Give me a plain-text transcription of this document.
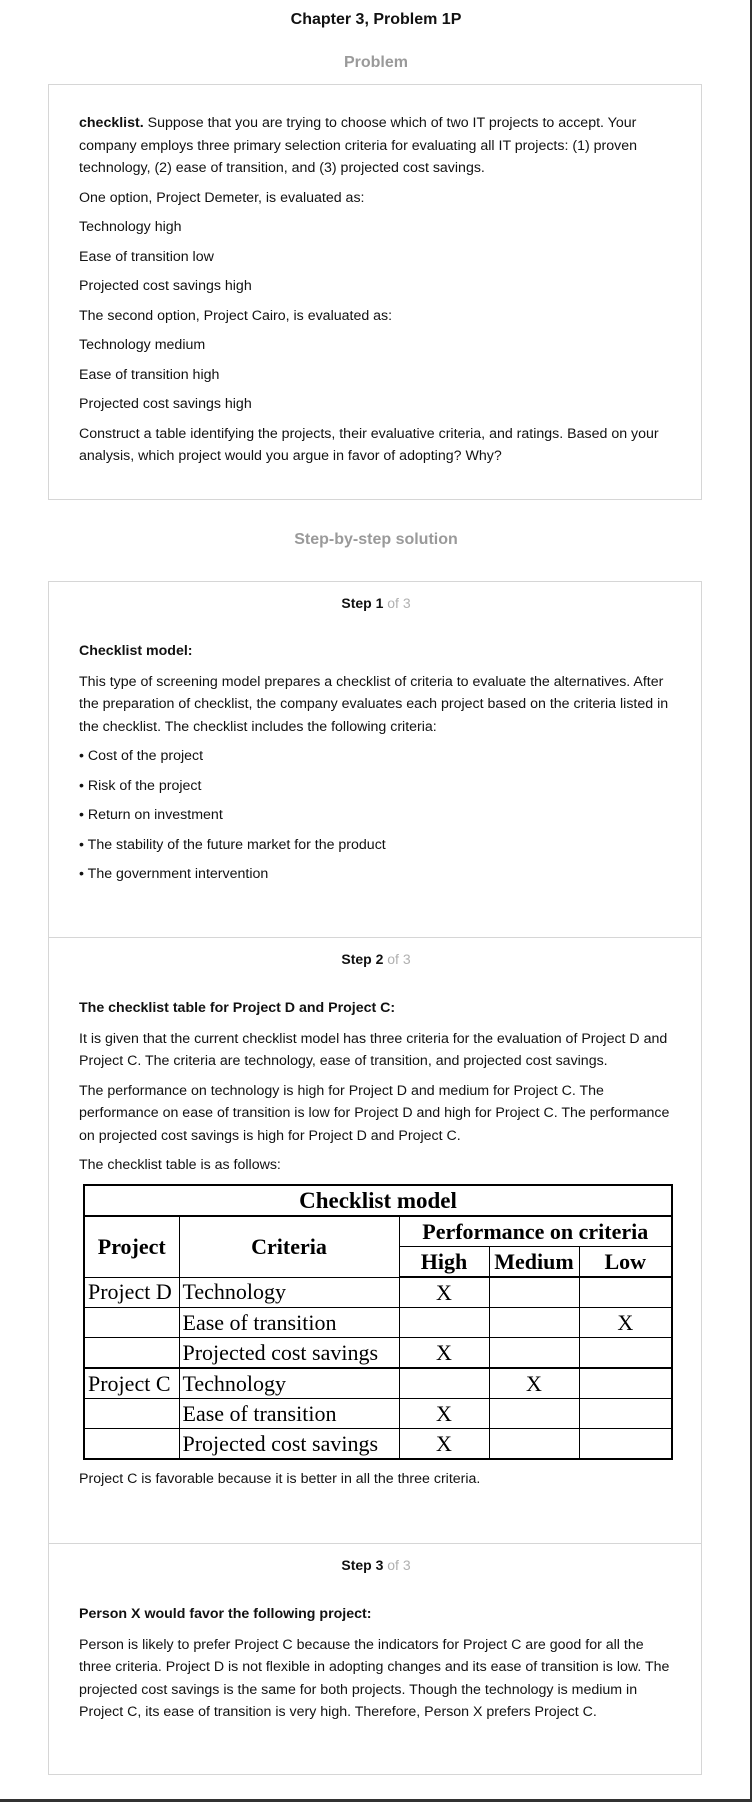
Chapter 3, Problem 1P
Problem

checklist. Suppose that you are trying to choose which of two IT projects to accept. Your company employs three primary selection criteria for evaluating all IT projects: (1) proven technology, (2) ease of transition, and (3) projected cost savings.

One option, Project Demeter, is evaluated as:

Technology high

Ease of transition low

Projected cost savings high

The second option, Project Cairo, is evaluated as:

Technology medium

Ease of transition high

Projected cost savings high

Construct a table identifying the projects, their evaluative criteria, and ratings. Based on your analysis, which project would you argue in favor of adopting? Why?

Step-by-step solution
Step 1 of 3

Checklist model:

This type of screening model prepares a checklist of criteria to evaluate the alternatives. After the preparation of checklist, the company evaluates each project based on the criteria listed in the checklist. The checklist includes the following criteria:

• Cost of the project

• Risk of the project

• Return on investment

• The stability of the future market for the product

• The government intervention

Step 2 of 3

The checklist table for Project D and Project C:

It is given that the current checklist model has three criteria for the evaluation of Project D and Project C. The criteria are technology, ease of transition, and projected cost savings.

The performance on technology is high for Project D and medium for Project C. The performance on ease of transition is low for Project D and high for Project C. The performance on projected cost savings is high for Project D and Project C.

The checklist table is as follows:

Checklist model				
Project	Criteria	Performance on criteria		
		High	Medium	Low
Project D	Technology	X		
	Ease of transition			X
	Projected cost savings	X		
Project C	Technology		X	
	Ease of transition	X		
	Projected cost savings	X		

Project C is favorable because it is better in all the three criteria.

Step 3 of 3

Person X would favor the following project:

Person is likely to prefer Project C because the indicators for Project C are good for all the three criteria. Project D is not flexible in adopting changes and its ease of transition is low. The projected cost savings is the same for both projects. Though the technology is medium in Project C, its ease of transition is very high. Therefore, Person X prefers Project C.
